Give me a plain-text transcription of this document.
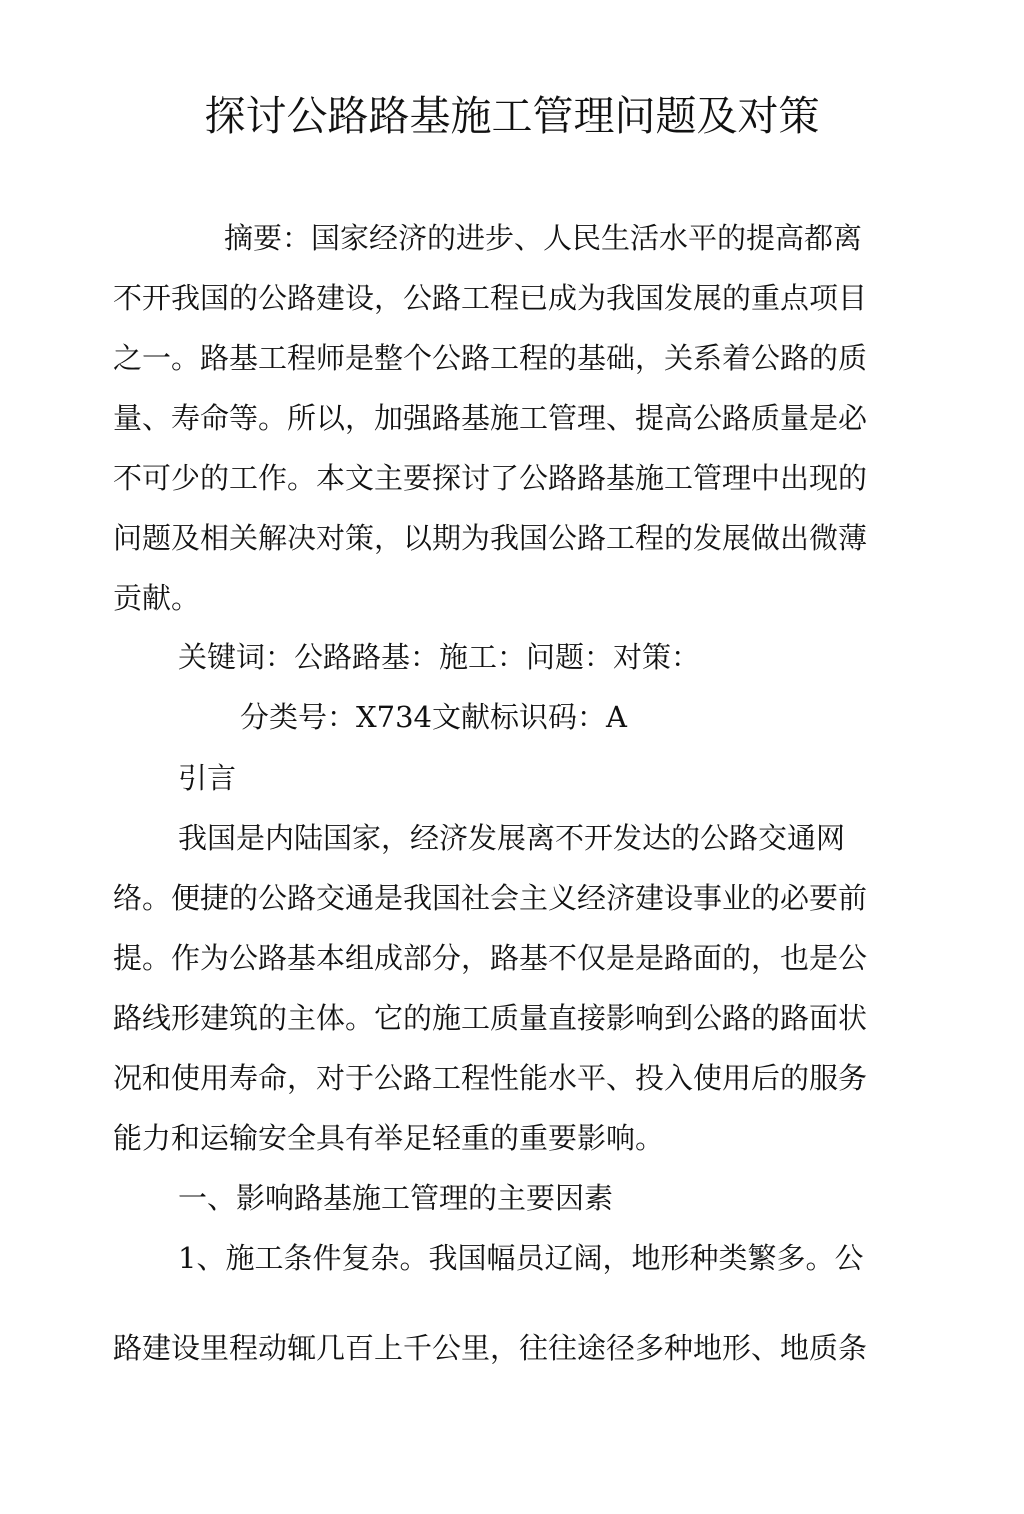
探讨公路路基施工管理问题及对策
摘要：国家经济的进步、人民生活水平的提高都离
不开我国的公路建设，公路工程已成为我国发展的重点项目
之一。路基工程师是整个公路工程的基础，关系着公路的质
量、寿命等。所以，加强路基施工管理、提高公路质量是必
不可少的工作。本文主要探讨了公路路基施工管理中出现的
问题及相关解决对策，以期为我国公路工程的发展做出微薄
贡献。
关键词：公路路基：施工：问题：对策：
分类号：X734文献标识码：A
引言
我国是内陆国家，经济发展离不开发达的公路交通网
络。便捷的公路交通是我国社会主义经济建设事业的必要前
提。作为公路基本组成部分，路基不仅是是路面的，也是公
路线形建筑的主体。它的施工质量直接影响到公路的路面状
况和使用寿命，对于公路工程性能水平、投入使用后的服务
能力和运输安全具有举足轻重的重要影响。
一、影响路基施工管理的主要因素
1、施工条件复杂。我国幅员辽阔，地形种类繁多。公
路建设里程动辄几百上千公里，往往途径多种地形、地质条
